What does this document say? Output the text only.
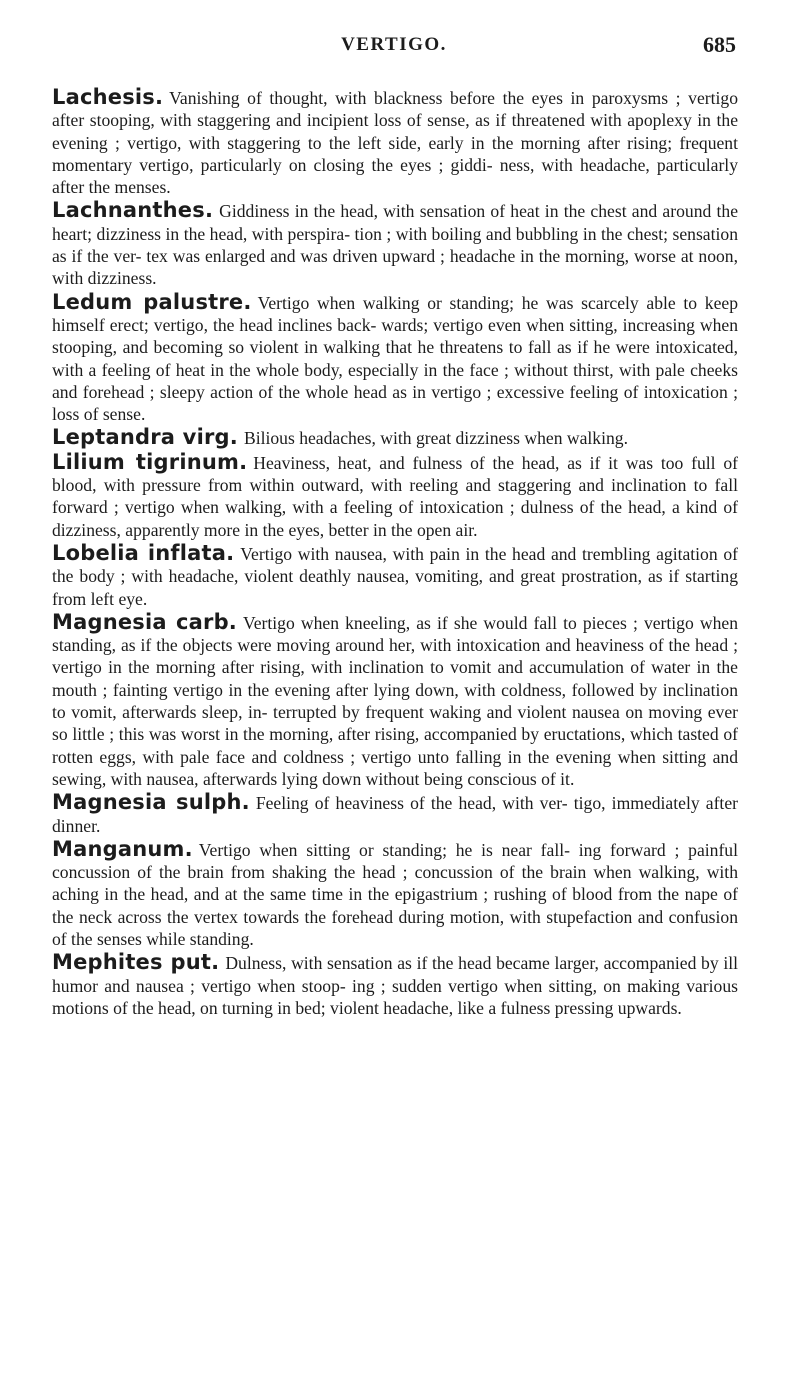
VERTIGO.	685

Lachesis. Vanishing of thought, with blackness before the eyes in paroxysms ; vertigo after stooping, with staggering and incipient loss of sense, as if threatened with apoplexy in the evening ; vertigo, with staggering to the left side, early in the morning after rising; frequent momentary vertigo, particularly on closing the eyes ; giddi- ness, with headache, particularly after the menses.

Lachnanthes. Giddiness in the head, with sensation of heat in the chest and around the heart; dizziness in the head, with perspira- tion ; with boiling and bubbling in the chest; sensation as if the ver- tex was enlarged and was driven upward ; headache in the morning, worse at noon, with dizziness.

Ledum palustre. Vertigo when walking or standing; he was scarcely able to keep himself erect; vertigo, the head inclines back- wards; vertigo even when sitting, increasing when stooping, and becoming so violent in walking that he threatens to fall as if he were intoxicated, with a feeling of heat in the whole body, especially in the face ; without thirst, with pale cheeks and forehead ; sleepy action of the whole head as in vertigo ; excessive feeling of intoxication ; loss of sense.

Leptandra virg. Bilious headaches, with great dizziness when walking.

Lilium tigrinum. Heaviness, heat, and fulness of the head, as if it was too full of blood, with pressure from within outward, with reeling and staggering and inclination to fall forward ; vertigo when walking, with a feeling of intoxication ; dulness of the head, a kind of dizziness, apparently more in the eyes, better in the open air.

Lobelia inflata. Vertigo with nausea, with pain in the head and trembling agitation of the body ; with headache, violent deathly nausea, vomiting, and great prostration, as if starting from left eye.

Magnesia carb. Vertigo when kneeling, as if she would fall to pieces ; vertigo when standing, as if the objects were moving around her, with intoxication and heaviness of the head ; vertigo in the morning after rising, with inclination to vomit and accumulation of water in the mouth ; fainting vertigo in the evening after lying down, with coldness, followed by inclination to vomit, afterwards sleep, in- terrupted by frequent waking and violent nausea on moving ever so little ; this was worst in the morning, after rising, accompanied by eructations, which tasted of rotten eggs, with pale face and coldness ; vertigo unto falling in the evening when sitting and sewing, with nausea, afterwards lying down without being conscious of it.

Magnesia sulph. Feeling of heaviness of the head, with ver- tigo, immediately after dinner.

Manganum. Vertigo when sitting or standing; he is near fall- ing forward ; painful concussion of the brain from shaking the head ; concussion of the brain when walking, with aching in the head, and at the same time in the epigastrium ; rushing of blood from the nape of the neck across the vertex towards the forehead during motion, with stupefaction and confusion of the senses while standing.

Mephites put. Dulness, with sensation as if the head became larger, accompanied by ill humor and nausea ; vertigo when stoop- ing ; sudden vertigo when sitting, on making various motions of the head, on turning in bed; violent headache, like a fulness pressing upwards.
